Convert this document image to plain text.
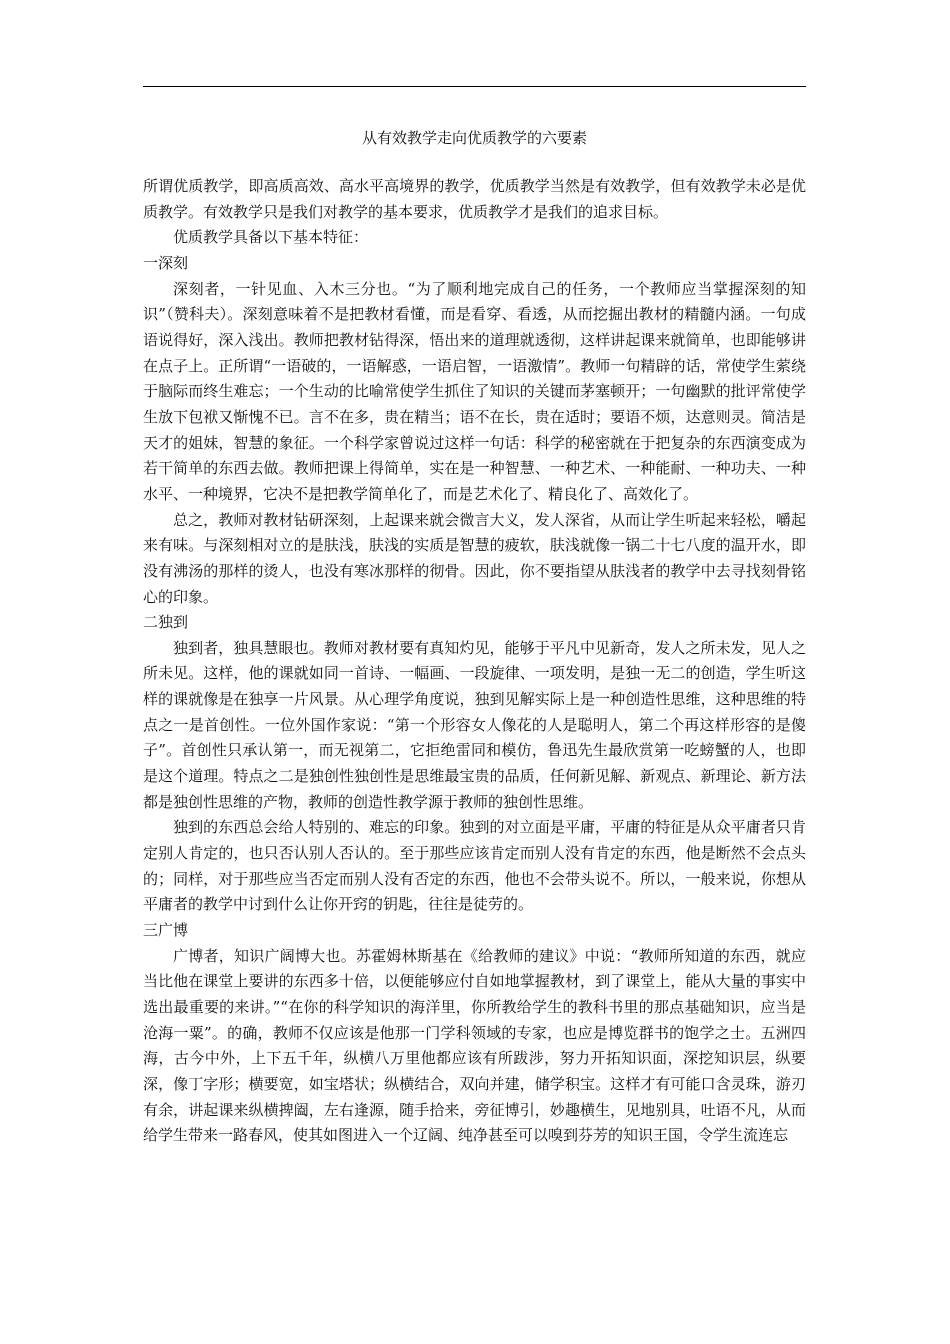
从有效教学走向优质教学的六要素

所谓优质教学，即高质高效、高水平高境界的教学，优质教学当然是有效教学，但有效教学未必是优质教学。有效教学只是我们对教学的基本要求，优质教学才是我们的追求目标。

优质教学具备以下基本特征：

一深刻

深刻者，一针见血、入木三分也。“为了顺利地完成自己的任务，一个教师应当掌握深刻的知识”（赞科夫）。深刻意味着不是把教材看懂，而是看穿、看透，从而挖掘出教材的精髓内涵。一句成语说得好，深入浅出。教师把教材钻得深，悟出来的道理就透彻，这样讲起课来就简单，也即能够讲在点子上。正所谓“一语破的，一语解惑，一语启智，一语激情”。教师一句精辟的话，常使学生萦绕于脑际而终生难忘；一个生动的比喻常使学生抓住了知识的关键而茅塞顿开；一句幽默的批评常使学生放下包袱又惭愧不已。言不在多，贵在精当；语不在长，贵在适时；要语不烦，达意则灵。简洁是天才的姐妹，智慧的象征。一个科学家曾说过这样一句话：科学的秘密就在于把复杂的东西演变成为若干简单的东西去做。教师把课上得简单，实在是一种智慧、一种艺术、一种能耐、一种功夫、一种水平、一种境界，它决不是把教学简单化了，而是艺术化了、精良化了、高效化了。

总之，教师对教材钻研深刻，上起课来就会微言大义，发人深省，从而让学生听起来轻松，嚼起来有味。与深刻相对立的是肤浅，肤浅的实质是智慧的疲软，肤浅就像一锅二十七八度的温开水，即没有沸汤的那样的烫人，也没有寒冰那样的彻骨。因此，你不要指望从肤浅者的教学中去寻找刻骨铭心的印象。

二独到

独到者，独具慧眼也。教师对教材要有真知灼见，能够于平凡中见新奇，发人之所未发，见人之所未见。这样，他的课就如同一首诗、一幅画、一段旋律、一项发明，是独一无二的创造，学生听这样的课就像是在独享一片风景。从心理学角度说，独到见解实际上是一种创造性思维，这种思维的特点之一是首创性。一位外国作家说：“第一个形容女人像花的人是聪明人，第二个再这样形容的是傻子”。首创性只承认第一，而无视第二，它拒绝雷同和模仿，鲁迅先生最欣赏第一吃螃蟹的人，也即是这个道理。特点之二是独创性独创性是思维最宝贵的品质，任何新见解、新观点、新理论、新方法都是独创性思维的产物，教师的创造性教学源于教师的独创性思维。

独到的东西总会给人特别的、难忘的印象。独到的对立面是平庸，平庸的特征是从众平庸者只肯定别人肯定的，也只否认别人否认的。至于那些应该肯定而别人没有肯定的东西，他是断然不会点头的；同样，对于那些应当否定而别人没有否定的东西，他也不会带头说不。所以，一般来说，你想从平庸者的教学中讨到什么让你开窍的钥匙，往往是徒劳的。

三广博

广博者，知识广阔博大也。苏霍姆林斯基在《给教师的建议》中说：“教师所知道的东西，就应当比他在课堂上要讲的东西多十倍，以便能够应付自如地掌握教材，到了课堂上，能从大量的事实中选出最重要的来讲。”“在你的科学知识的海洋里，你所教给学生的教科书里的那点基础知识，应当是沧海一粟”。的确，教师不仅应该是他那一门学科领域的专家，也应是博览群书的饱学之士。五洲四海，古今中外，上下五千年，纵横八万里他都应该有所跋涉，努力开拓知识面，深挖知识层，纵要深，像丁字形；横要宽，如宝塔状；纵横结合，双向并建，储学积宝。这样才有可能口含灵珠，游刃有余，讲起课来纵横捭阖，左右逢源，随手拾来，旁征博引，妙趣横生，见地别具，吐语不凡，从而给学生带来一路春风，使其如图进入一个辽阔、纯净甚至可以嗅到芬芳的知识王国，令学生流连忘
